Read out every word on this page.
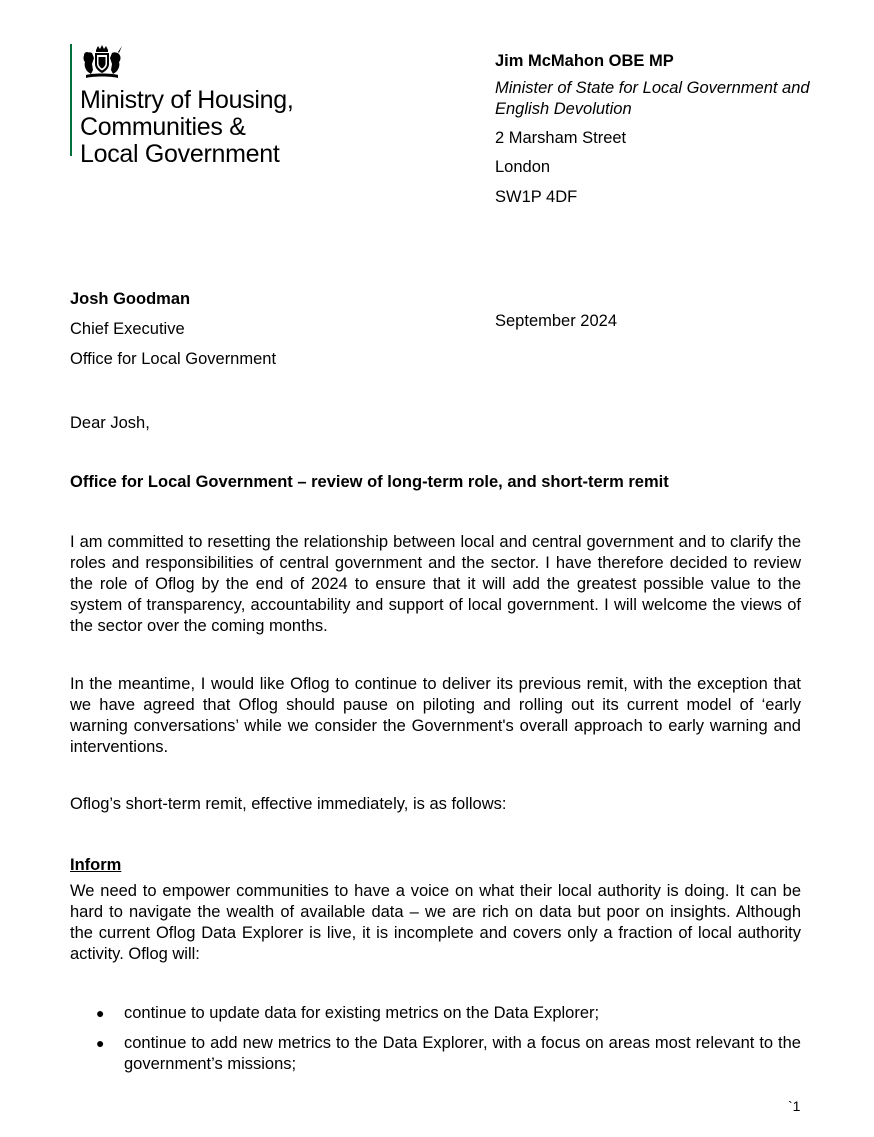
Ministry of Housing,
Communities &
Local Government
Jim McMahon OBE MP
Minister of State for Local Government and
English Devolution
2 Marsham Street
London
SW1P 4DF
Josh Goodman
Chief Executive
Office for Local Government
September 2024
Dear Josh,
Office for Local Government – review of long-term role, and short-term remit
I am committed to resetting the relationship between local and central government and to clarify the roles and responsibilities of central government and the sector. I have therefore decided to review the role of Oflog by the end of 2024 to ensure that it will add the greatest possible value to the system of transparency, accountability and support of local government. I will welcome the views of the sector over the coming months.
In the meantime, I would like Oflog to continue to deliver its previous remit, with the exception that we have agreed that Oflog should pause on piloting and rolling out its current model of ‘early warning conversations’ while we consider the Government's overall approach to early warning and interventions.
Oflog’s short-term remit, effective immediately, is as follows:
Inform
We need to empower communities to have a voice on what their local authority is doing. It can be hard to navigate the wealth of available data – we are rich on data but poor on insights. Although the current Oflog Data Explorer is live, it is incomplete and covers only a fraction of local authority activity. Oflog will:
●	continue to update data for existing metrics on the Data Explorer;
●	continue to add new metrics to the Data Explorer, with a focus on areas most relevant to the government’s missions;
`1
